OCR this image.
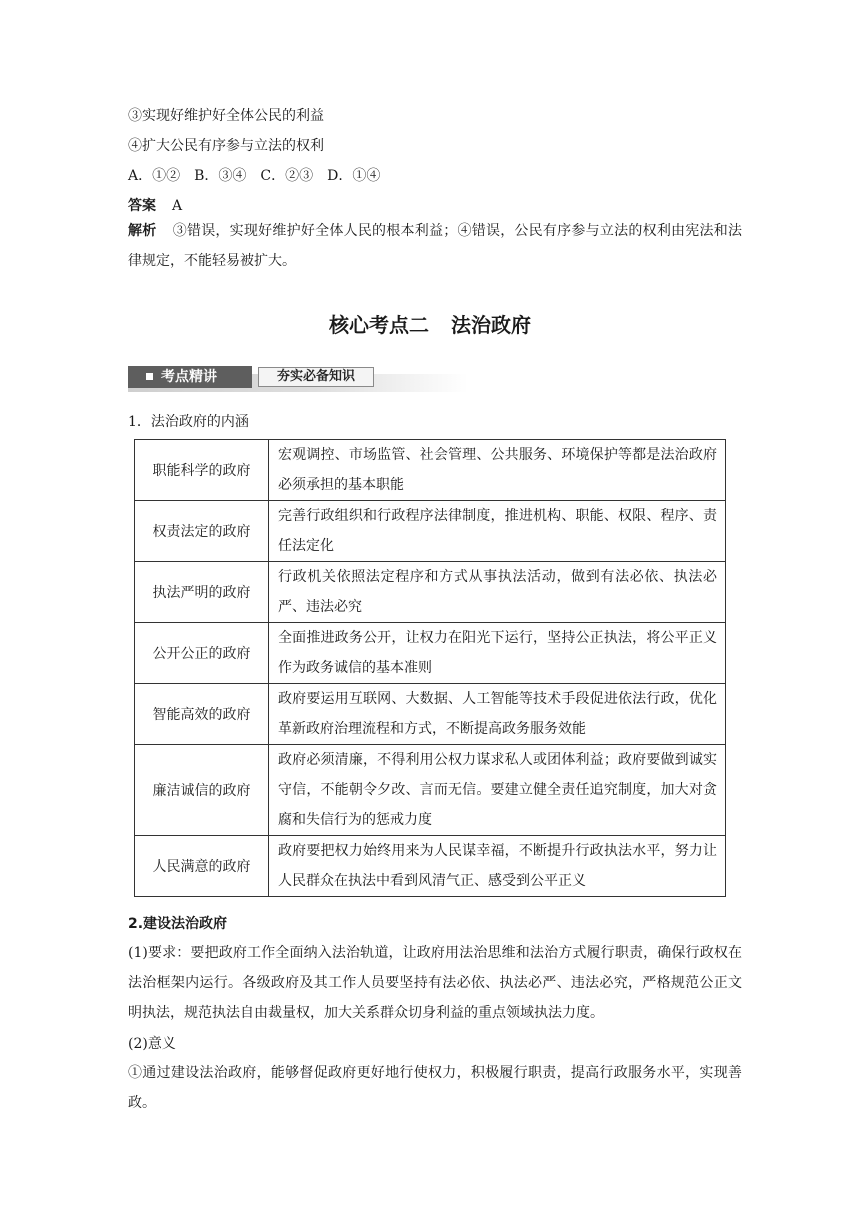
③实现好维护好全体公民的利益
④扩大公民有序参与立法的权利
A．①②　B．③④　C．②③　D．①④
答案 A
解析 ③错误，实现好维护好全体人民的根本利益；④错误，公民有序参与立法的权利由宪法和法律规定，不能轻易被扩大。
核心考点二 法治政府
考点精讲	夯实必备知识
1．法治政府的内涵
职能科学的政府	宏观调控、市场监管、社会管理、公共服务、环境保护等都是法治政府必须承担的基本职能
权责法定的政府	完善行政组织和行政程序法律制度，推进机构、职能、权限、程序、责任法定化
执法严明的政府	行政机关依照法定程序和方式从事执法活动，做到有法必依、执法必严、违法必究
公开公正的政府	全面推进政务公开，让权力在阳光下运行，坚持公正执法，将公平正义作为政务诚信的基本准则
智能高效的政府	政府要运用互联网、大数据、人工智能等技术手段促进依法行政，优化革新政府治理流程和方式，不断提高政务服务效能
廉洁诚信的政府	政府必须清廉，不得利用公权力谋求私人或团体利益；政府要做到诚实守信，不能朝令夕改、言而无信。要建立健全责任追究制度，加大对贪腐和失信行为的惩戒力度
人民满意的政府	政府要把权力始终用来为人民谋幸福，不断提升行政执法水平，努力让人民群众在执法中看到风清气正、感受到公平正义
2.建设法治政府
(1)要求：要把政府工作全面纳入法治轨道，让政府用法治思维和法治方式履行职责，确保行政权在法治框架内运行。各级政府及其工作人员要坚持有法必依、执法必严、违法必究，严格规范公正文明执法，规范执法自由裁量权，加大关系群众切身利益的重点领域执法力度。
(2)意义
①通过建设法治政府，能够督促政府更好地行使权力，积极履行职责，提高行政服务水平，实现善政。
